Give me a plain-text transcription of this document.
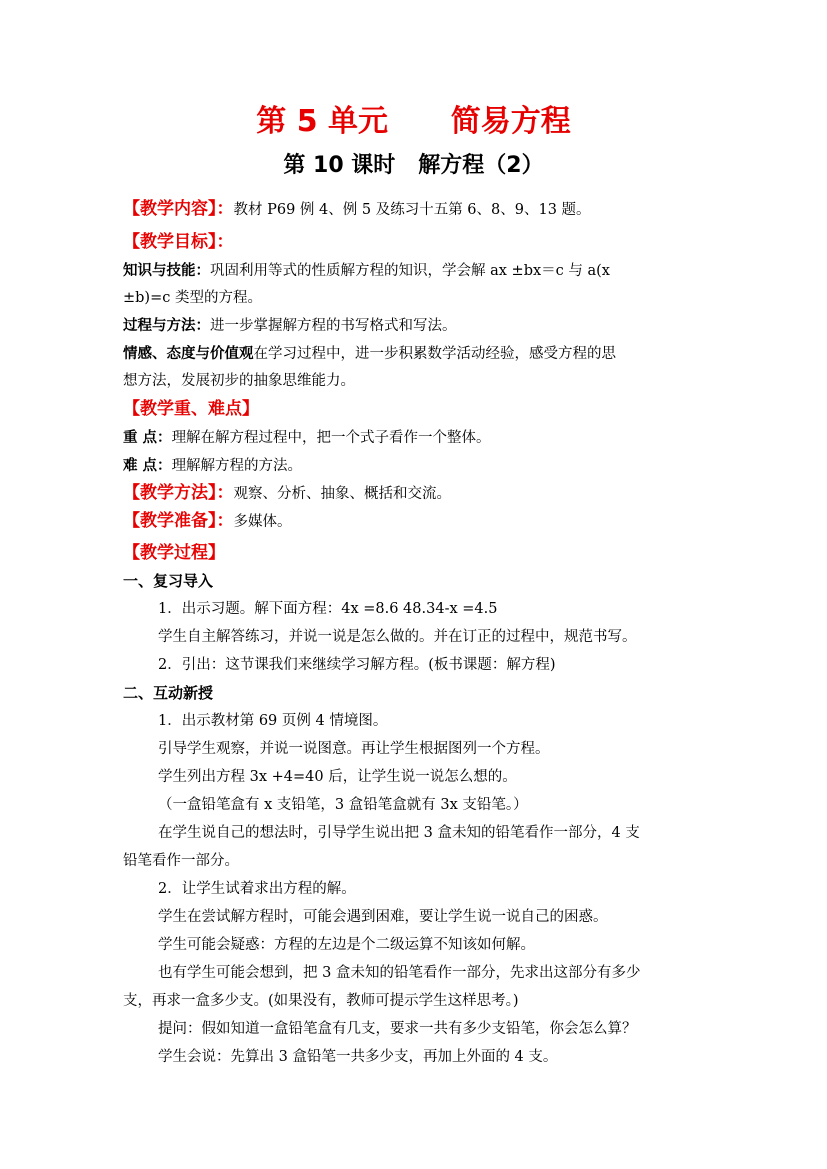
第 5 单元      简易方程
第 10 课时   解方程（2）
【教学内容】：教材 P69 例 4、例 5 及练习十五第 6、8、9、13 题。
【教学目标】：
知识与技能：巩固利用等式的性质解方程的知识，学会解 ax ±bx＝c 与 a(x
±b)=c 类型的方程。
过程与方法：进一步掌握解方程的书写格式和写法。
情感、态度与价值观在学习过程中，进一步积累数学活动经验，感受方程的思
想方法，发展初步的抽象思维能力。
【教学重、难点】
重 点：理解在解方程过程中，把一个式子看作一个整体。
难 点：理解解方程的方法。
【教学方法】：观察、分析、抽象、概括和交流。
【教学准备】：多媒体。
【教学过程】
一、复习导入
1．出示习题。解下面方程：4x =8.6 48.34-x =4.5
学生自主解答练习，并说一说是怎么做的。并在订正的过程中，规范书写。
2．引出：这节课我们来继续学习解方程。(板书课题：解方程)
二、互动新授
1．出示教材第 69 页例 4 情境图。
引导学生观察，并说一说图意。再让学生根据图列一个方程。
学生列出方程 3x +4=40 后，让学生说一说怎么想的。
（一盒铅笔盒有 x 支铅笔，3 盒铅笔盒就有 3x 支铅笔。）
在学生说自己的想法时，引导学生说出把 3 盒未知的铅笔看作一部分，4 支
铅笔看作一部分。
2．让学生试着求出方程的解。
学生在尝试解方程时，可能会遇到困难，要让学生说一说自己的困惑。
学生可能会疑惑：方程的左边是个二级运算不知该如何解。
也有学生可能会想到，把 3 盒未知的铅笔看作一部分，先求出这部分有多少
支，再求一盒多少支。(如果没有，教师可提示学生这样思考。)
提问：假如知道一盒铅笔盒有几支，要求一共有多少支铅笔，你会怎么算？
学生会说：先算出 3 盒铅笔一共多少支，再加上外面的 4 支。
